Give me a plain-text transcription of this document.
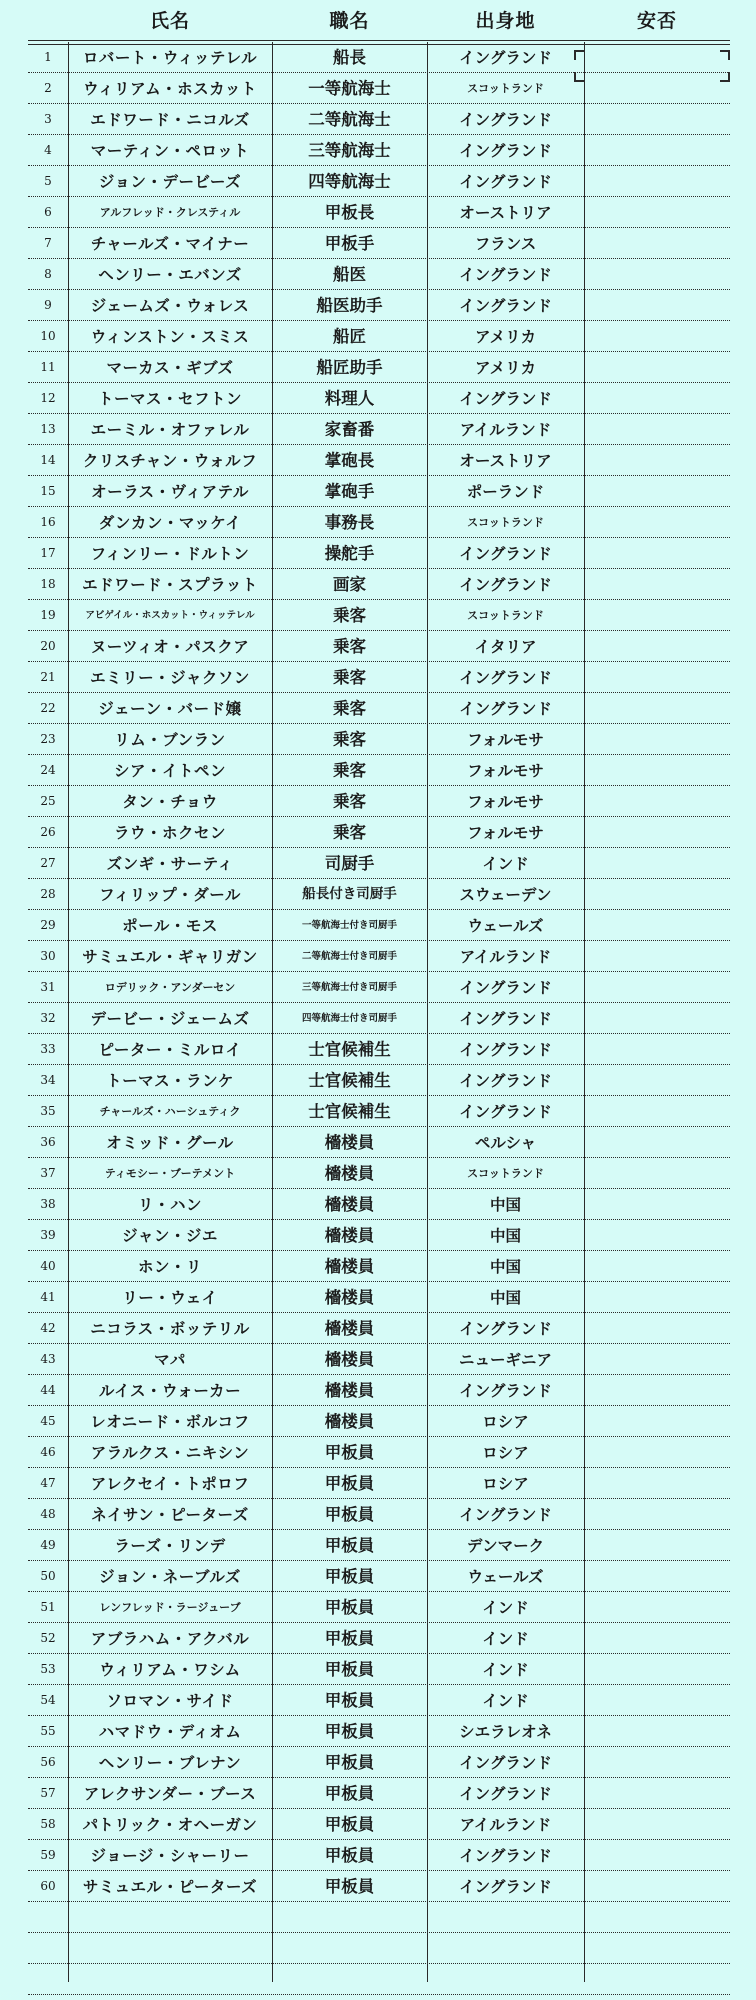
氏名	職名	出身地	安否
1	ロバート・ウィッテレル	船長	イングランド
2	ウィリアム・ホスカット	一等航海士	スコットランド
3	エドワード・ニコルズ	二等航海士	イングランド
4	マーティン・ペロット	三等航海士	イングランド
5	ジョン・デービーズ	四等航海士	イングランド
6	アルフレッド・クレスティル	甲板長	オーストリア
7	チャールズ・マイナー	甲板手	フランス
8	ヘンリー・エバンズ	船医	イングランド
9	ジェームズ・ウォレス	船医助手	イングランド
10	ウィンストン・スミス	船匠	アメリカ
11	マーカス・ギブズ	船匠助手	アメリカ
12	トーマス・セフトン	料理人	イングランド
13	エーミル・オファレル	家畜番	アイルランド
14	クリスチャン・ウォルフ	掌砲長	オーストリア
15	オーラス・ヴィアテル	掌砲手	ポーランド
16	ダンカン・マッケイ	事務長	スコットランド
17	フィンリー・ドルトン	操舵手	イングランド
18	エドワード・スプラット	画家	イングランド
19	アビゲイル・ホスカット・ウィッテレル	乗客	スコットランド
20	ヌーツィオ・パスクア	乗客	イタリア
21	エミリー・ジャクソン	乗客	イングランド
22	ジェーン・バード嬢	乗客	イングランド
23	リム・ブンラン	乗客	フォルモサ
24	シア・イトペン	乗客	フォルモサ
25	タン・チョウ	乗客	フォルモサ
26	ラウ・ホクセン	乗客	フォルモサ
27	ズンギ・サーティ	司厨手	インド
28	フィリップ・ダール	船長付き司厨手	スウェーデン
29	ポール・モス	一等航海士付き司厨手	ウェールズ
30	サミュエル・ギャリガン	二等航海士付き司厨手	アイルランド
31	ロデリック・アンダーセン	三等航海士付き司厨手	イングランド
32	デービー・ジェームズ	四等航海士付き司厨手	イングランド
33	ピーター・ミルロイ	士官候補生	イングランド
34	トーマス・ランケ	士官候補生	イングランド
35	チャールズ・ハーシュティク	士官候補生	イングランド
36	オミッド・グール	檣楼員	ペルシャ
37	ティモシー・ブーテメント	檣楼員	スコットランド
38	リ・ハン	檣楼員	中国
39	ジャン・ジエ	檣楼員	中国
40	ホン・リ	檣楼員	中国
41	リー・ウェイ	檣楼員	中国
42	ニコラス・ボッテリル	檣楼員	イングランド
43	マパ	檣楼員	ニューギニア
44	ルイス・ウォーカー	檣楼員	イングランド
45	レオニード・ボルコフ	檣楼員	ロシア
46	アラルクス・ニキシン	甲板員	ロシア
47	アレクセイ・トポロフ	甲板員	ロシア
48	ネイサン・ピーターズ	甲板員	イングランド
49	ラーズ・リンデ	甲板員	デンマーク
50	ジョン・ネーブルズ	甲板員	ウェールズ
51	レンフレッド・ラージューブ	甲板員	インド
52	アブラハム・アクバル	甲板員	インド
53	ウィリアム・ワシム	甲板員	インド
54	ソロマン・サイド	甲板員	インド
55	ハマドウ・ディオム	甲板員	シエラレオネ
56	ヘンリー・ブレナン	甲板員	イングランド
57	アレクサンダー・ブース	甲板員	イングランド
58	パトリック・オヘーガン	甲板員	アイルランド
59	ジョージ・シャーリー	甲板員	イングランド
60	サミュエル・ピーターズ	甲板員	イングランド
